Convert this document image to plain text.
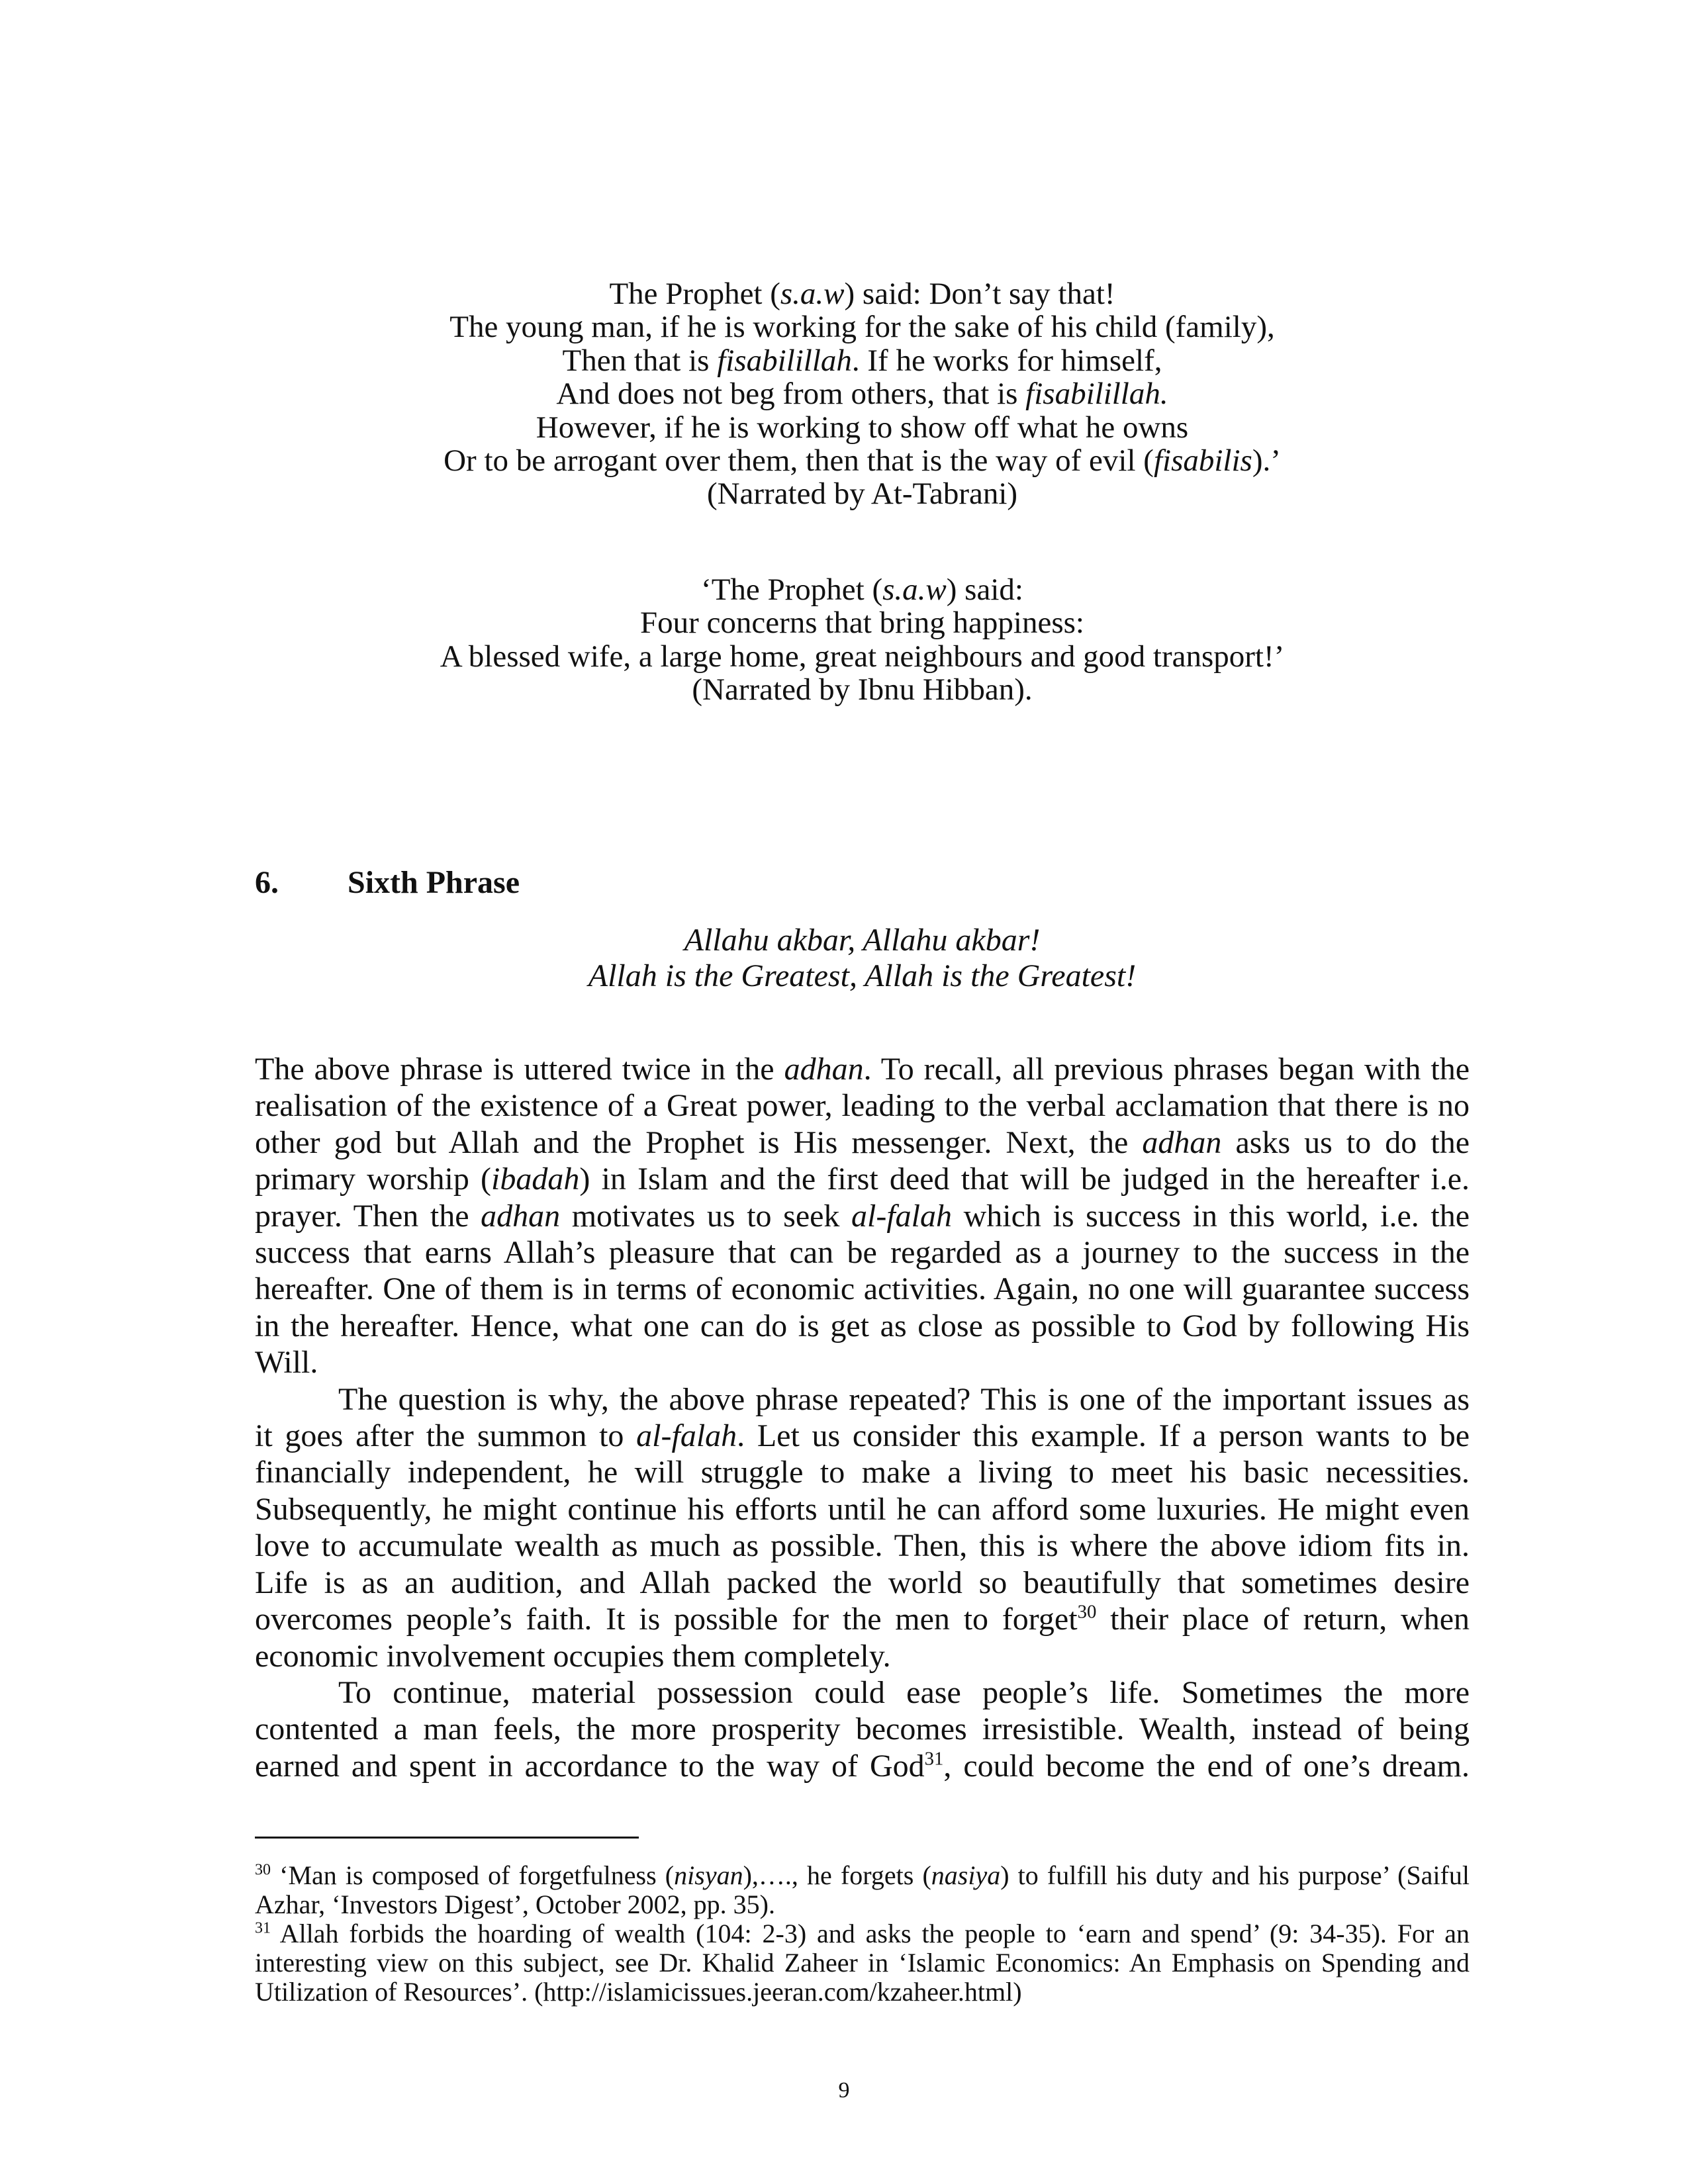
The Prophet (s.a.w) said: Don’t say that!
The young man, if he is working for the sake of his child (family),
Then that is fisabilillah. If he works for himself,
And does not beg from others, that is fisabilillah.
However, if he is working to show off what he owns
Or to be arrogant over them, then that is the way of evil (fisabilis).’
(Narrated by At-Tabrani)
‘The Prophet (s.a.w) said:
Four concerns that bring happiness:
A blessed wife, a large home, great neighbours and good transport!’
(Narrated by Ibnu Hibban).
6. Sixth Phrase
Allahu akbar, Allahu akbar!
Allah is the Greatest, Allah is the Greatest!
The above phrase is uttered twice in the adhan. To recall, all previous phrases began with the
realisation of the existence of a Great power, leading to the verbal acclamation that there is no
other god but Allah and the Prophet is His messenger. Next, the adhan asks us to do the
primary worship (ibadah) in Islam and the first deed that will be judged in the hereafter i.e.
prayer. Then the adhan motivates us to seek al-falah which is success in this world, i.e. the
success that earns Allah’s pleasure that can be regarded as a journey to the success in the
hereafter. One of them is in terms of economic activities. Again, no one will guarantee success
in the hereafter. Hence, what one can do is get as close as possible to God by following His
Will.
The question is why, the above phrase repeated? This is one of the important issues as
it goes after the summon to al-falah. Let us consider this example. If a person wants to be
financially independent, he will struggle to make a living to meet his basic necessities.
Subsequently, he might continue his efforts until he can afford some luxuries. He might even
love to accumulate wealth as much as possible. Then, this is where the above idiom fits in.
Life is as an audition, and Allah packed the world so beautifully that sometimes desire
overcomes people’s faith. It is possible for the men to forget$^{30}$ their place of return, when
economic involvement occupies them completely.
To continue, material possession could ease people’s life. Sometimes the more
contented a man feels, the more prosperity becomes irresistible. Wealth, instead of being
earned and spent in accordance to the way of God$^{31}$, could become the end of one’s dream.
$^{30}$ ‘Man is composed of forgetfulness (nisyan),…., he forgets (nasiya) to fulfill his duty and his purpose’ (Saiful
Azhar, ‘Investors Digest’, October 2002, pp. 35).
$^{31}$ Allah forbids the hoarding of wealth (104: 2-3) and asks the people to ‘earn and spend’ (9: 34-35). For an
interesting view on this subject, see Dr. Khalid Zaheer in ‘Islamic Economics: An Emphasis on Spending and
Utilization of Resources’. (http://islamicissues.jeeran.com/kzaheer.html)
9
